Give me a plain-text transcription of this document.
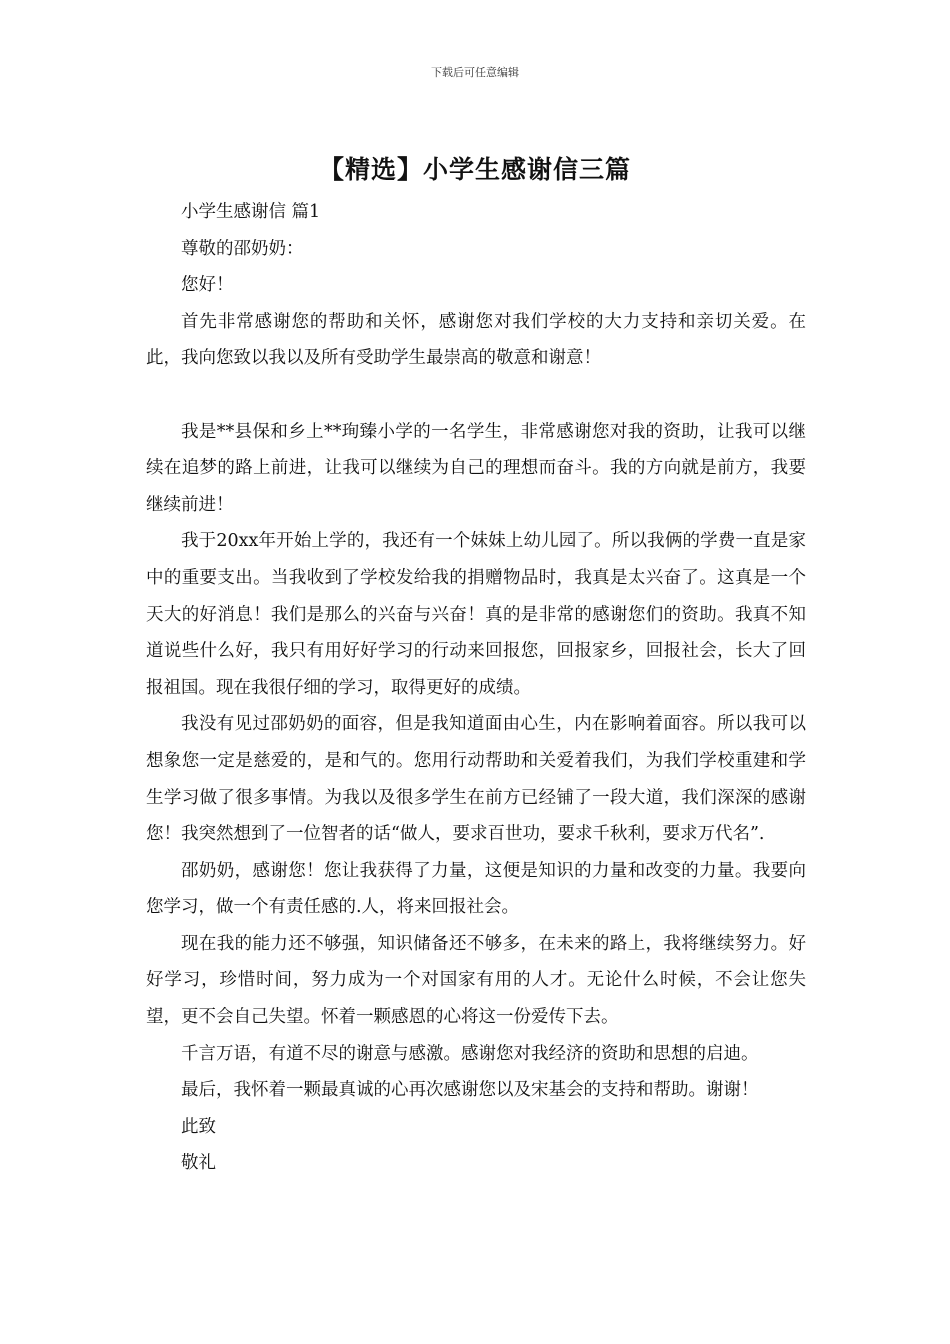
下载后可任意编辑
【精选】小学生感谢信三篇

小学生感谢信 篇1

尊敬的邵奶奶：

您好！

首先非常感谢您的帮助和关怀，感谢您对我们学校的大力支持和亲切关爱。在此，我向您致以我以及所有受助学生最崇高的敬意和谢意！

我是**县保和乡上**珣臻小学的一名学生，非常感谢您对我的资助，让我可以继续在追梦的路上前进，让我可以继续为自己的理想而奋斗。我的方向就是前方，我要继续前进！

我于20xx年开始上学的，我还有一个妹妹上幼儿园了。所以我俩的学费一直是家中的重要支出。当我收到了学校发给我的捐赠物品时，我真是太兴奋了。这真是一个天大的好消息！我们是那么的兴奋与兴奋！真的是非常的感谢您们的资助。我真不知道说些什么好，我只有用好好学习的行动来回报您，回报家乡，回报社会，长大了回报祖国。现在我很仔细的学习，取得更好的成绩。

我没有见过邵奶奶的面容，但是我知道面由心生，内在影响着面容。所以我可以想象您一定是慈爱的，是和气的。您用行动帮助和关爱着我们，为我们学校重建和学生学习做了很多事情。为我以及很多学生在前方已经铺了一段大道，我们深深的感谢您！我突然想到了一位智者的话“做人，要求百世功，要求千秋利，要求万代名”.

邵奶奶，感谢您！您让我获得了力量，这便是知识的力量和改变的力量。我要向您学习，做一个有责任感的.人，将来回报社会。

现在我的能力还不够强，知识储备还不够多，在未来的路上，我将继续努力。好好学习，珍惜时间，努力成为一个对国家有用的人才。无论什么时候，不会让您失望，更不会自己失望。怀着一颗感恩的心将这一份爱传下去。

千言万语，有道不尽的谢意与感激。感谢您对我经济的资助和思想的启迪。

最后，我怀着一颗最真诚的心再次感谢您以及宋基会的支持和帮助。谢谢！

此致

敬礼
